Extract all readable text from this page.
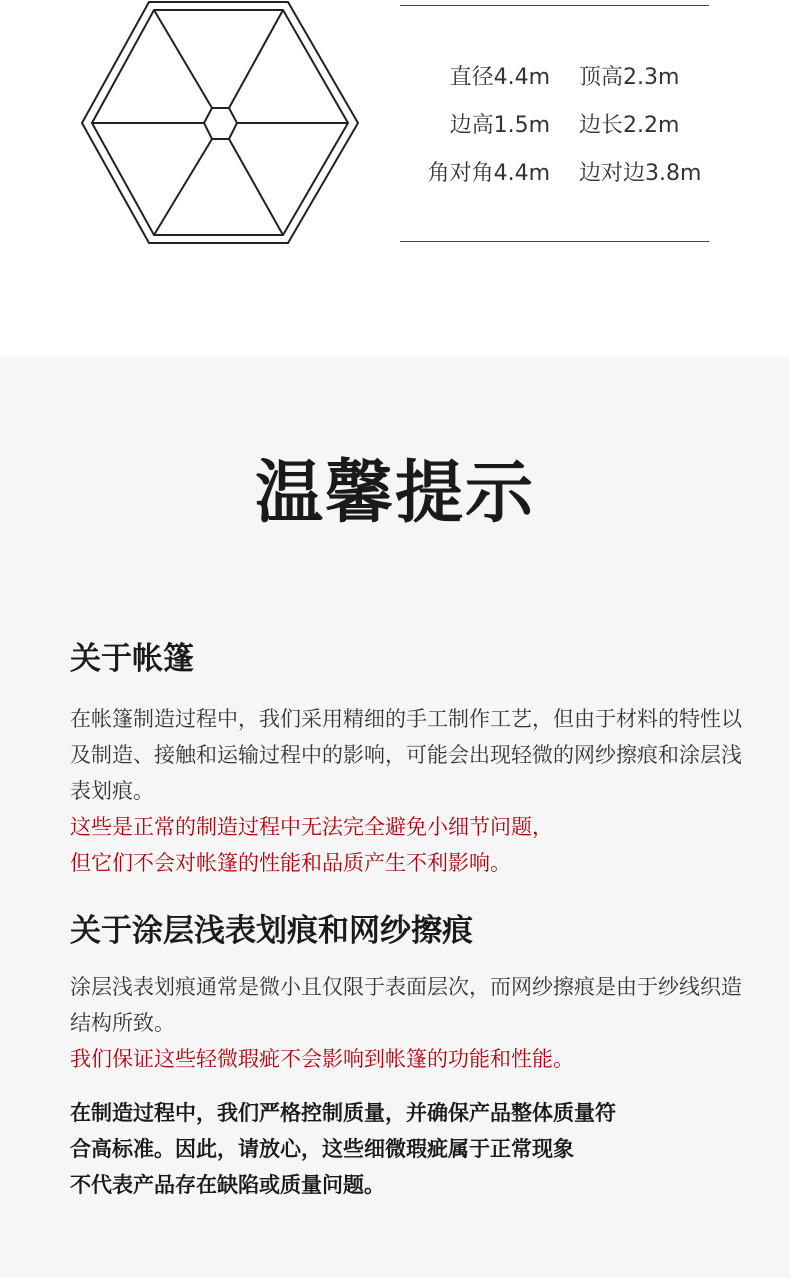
直径4.4m 顶高2.3m
边高1.5m 边长2.2m
角对角4.4m 边对边3.8m
温馨提示
关于帐篷

在帐篷制造过程中，我们采用精细的手工制作工艺，但由于材料的特性以及制造、接触和运输过程中的影响，可能会出现轻微的网纱擦痕和涂层浅表划痕。

这些是正常的制造过程中无法完全避免小细节问题，

但它们不会对帐篷的性能和品质产生不利影响。

关于涂层浅表划痕和网纱擦痕

涂层浅表划痕通常是微小且仅限于表面层次，而网纱擦痕是由于纱线织造结构所致。

我们保证这些轻微瑕疵不会影响到帐篷的功能和性能。

在制造过程中，我们严格控制质量，并确保产品整体质量符

合高标准。因此，请放心，这些细微瑕疵属于正常现象

不代表产品存在缺陷或质量问题。
